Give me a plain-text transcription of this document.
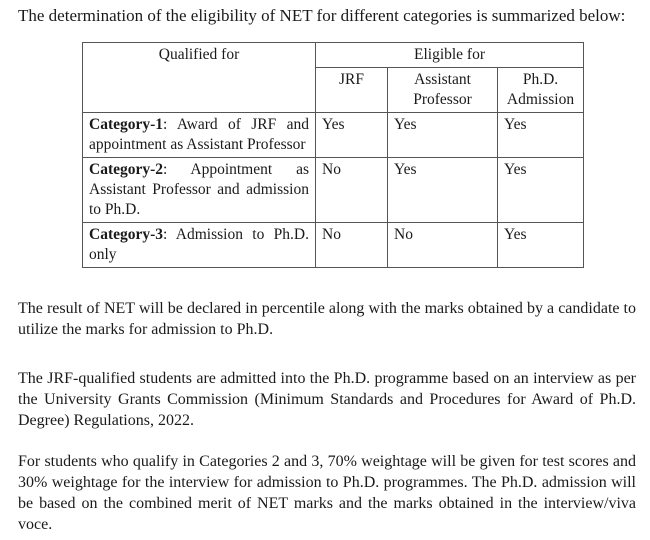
The determination of the eligibility of NET for different categories is summarized below:
Qualified for	Eligible for		
	JRF	Assistant Professor	Ph.D. Admission
Category-1: Award of JRF and appointment as Assistant Professor	Yes	Yes	Yes
Category-2: Appointment as Assistant Professor and admission to Ph.D.	No	Yes	Yes
Category-3: Admission to Ph.D. only	No	No	Yes

The result of NET will be declared in percentile along with the marks obtained by a candidate to utilize the marks for admission to Ph.D.

The JRF-qualified students are admitted into the Ph.D. programme based on an interview as per the University Grants Commission (Minimum Standards and Procedures for Award of Ph.D. Degree) Regulations, 2022.

For students who qualify in Categories 2 and 3, 70% weightage will be given for test scores and 30% weightage for the interview for admission to Ph.D. programmes. The Ph.D. admission will be based on the combined merit of NET marks and the marks obtained in the interview/viva voce.
